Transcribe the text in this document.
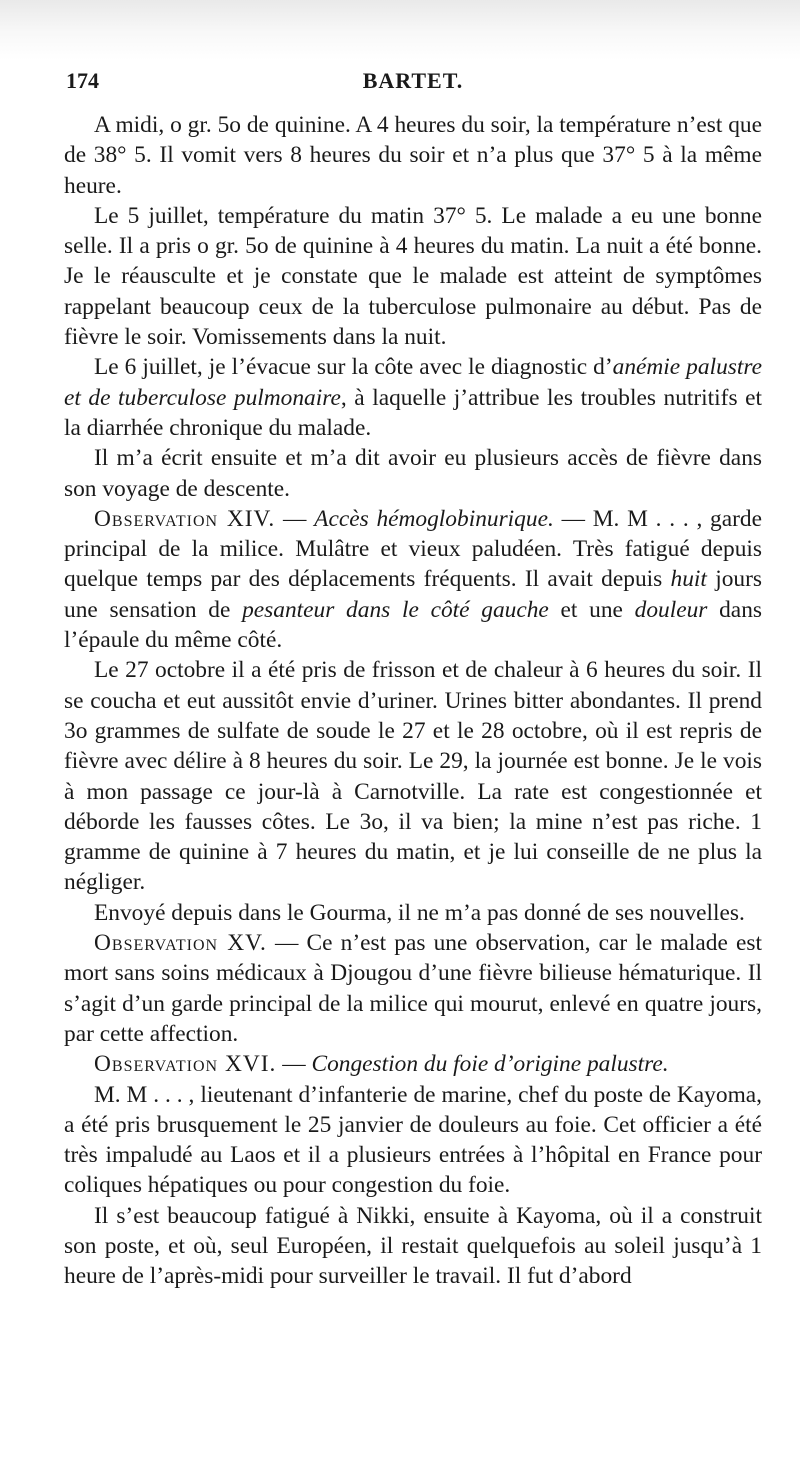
174	BARTET.

A midi, o gr. 5o de quinine. A 4 heures du soir, la température n’est que de 38° 5. Il vomit vers 8 heures du soir et n’a plus que 37° 5 à la même heure.

Le 5 juillet, température du matin 37° 5. Le malade a eu une bonne selle. Il a pris o gr. 5o de quinine à 4 heures du matin. La nuit a été bonne. Je le réausculte et je constate que le malade est atteint de symptômes rappelant beaucoup ceux de la tuberculose pulmonaire au début. Pas de fièvre le soir. Vomissements dans la nuit.

Le 6 juillet, je l’évacue sur la côte avec le diagnostic d’anémie palustre et de tuberculose pulmonaire, à laquelle j’attribue les troubles nutritifs et la diarrhée chronique du malade.

Il m’a écrit ensuite et m’a dit avoir eu plusieurs accès de fièvre dans son voyage de descente.

Observation XIV. — Accès hémoglobinurique. — M. M . . . , garde principal de la milice. Mulâtre et vieux paludéen. Très fatigué depuis quelque temps par des déplacements fréquents. Il avait depuis huit jours une sensation de pesanteur dans le côté gauche et une douleur dans l’épaule du même côté.

Le 27 octobre il a été pris de frisson et de chaleur à 6 heures du soir. Il se coucha et eut aussitôt envie d’uriner. Urines bitter abondantes. Il prend 3o grammes de sulfate de soude le 27 et le 28 octobre, où il est repris de fièvre avec délire à 8 heures du soir. Le 29, la journée est bonne. Je le vois à mon passage ce jour-là à Carnotville. La rate est congestionnée et déborde les fausses côtes. Le 3o, il va bien; la mine n’est pas riche. 1 gramme de quinine à 7 heures du matin, et je lui conseille de ne plus la négliger.

Envoyé depuis dans le Gourma, il ne m’a pas donné de ses nouvelles.

Observation XV. — Ce n’est pas une observation, car le malade est mort sans soins médicaux à Djougou d’une fièvre bilieuse hématurique. Il s’agit d’un garde principal de la milice qui mourut, enlevé en quatre jours, par cette affection.

Observation XVI. — Congestion du foie d’origine palustre.

M. M . . . , lieutenant d’infanterie de marine, chef du poste de Kayoma, a été pris brusquement le 25 janvier de douleurs au foie. Cet officier a été très impaludé au Laos et il a plusieurs entrées à l’hôpital en France pour coliques hépatiques ou pour congestion du foie.

Il s’est beaucoup fatigué à Nikki, ensuite à Kayoma, où il a construit son poste, et où, seul Européen, il restait quelquefois au soleil jusqu’à 1 heure de l’après-midi pour surveiller le travail. Il fut d’abord
